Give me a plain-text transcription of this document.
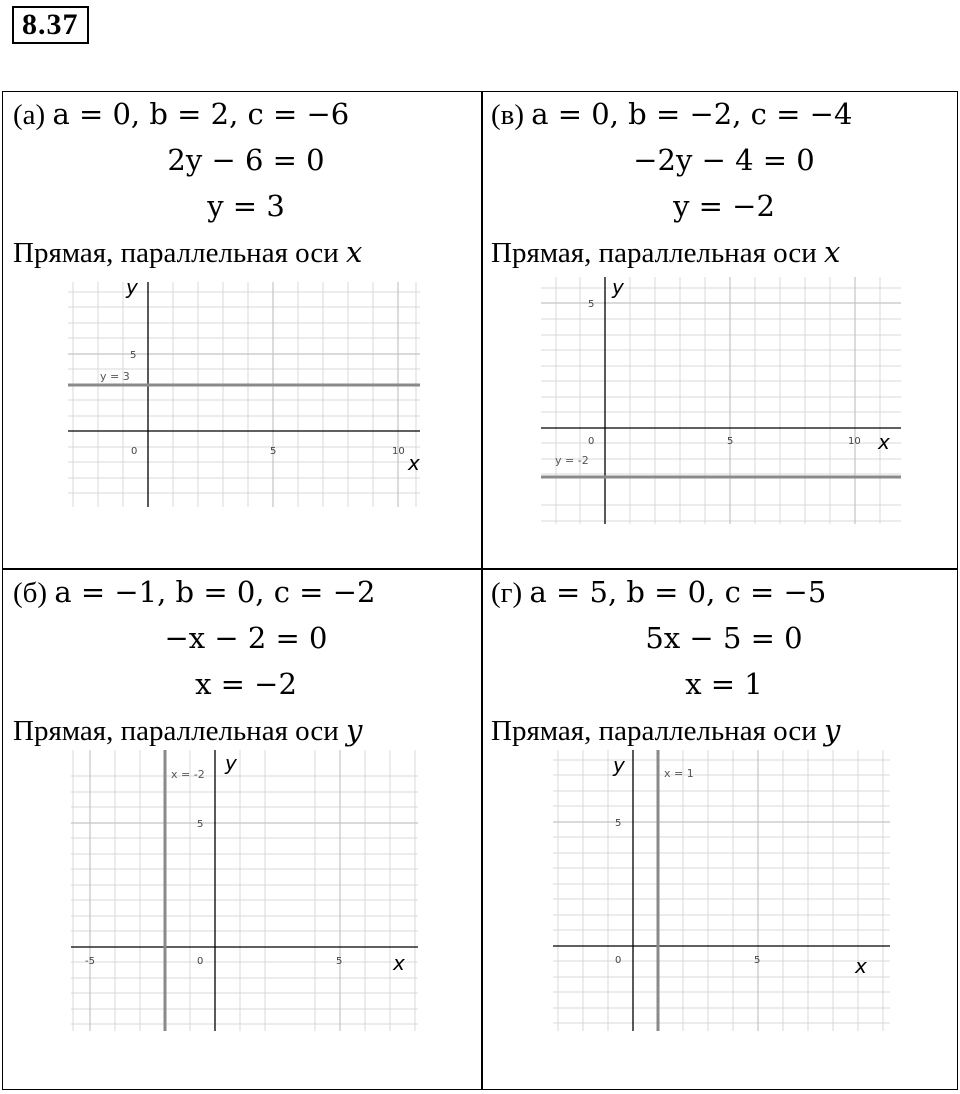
8.37
(а) a = 0, b = 2, c = −6
2y − 6 = 0
y = 3
Прямая, параллельная оси x
y = 3
5
0	5	10 x
y
(в) a = 0, b = −2, c = −4
−2y − 4 = 0
y = −2
Прямая, параллельная оси x
y = -2
5
0	5	10 x
y
(б) a = −1, b = 0, c = −2
−x − 2 = 0
x = −2
Прямая, параллельная оси y
x = -2
5
0	5
-5	x
y
(г) a = 5, b = 0, c = −5
5x − 5 = 0
x = 1
Прямая, параллельная оси y
x = 1
5
0	5	x
y
